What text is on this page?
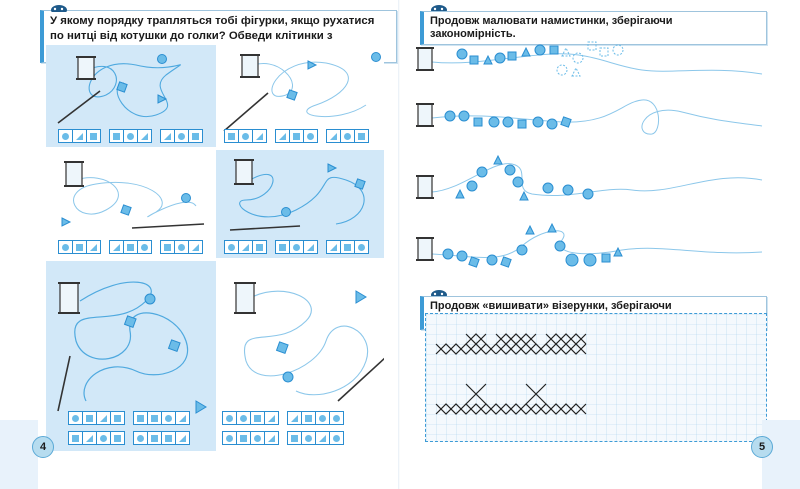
У якому порядку трапляться тобі фігурки, якщо рухатися по нитці від котушки до голки? Обведи клітинки з
4
Продовж малювати намистинки, зберігаючи закономірність.
Продовж «вишивати» візерунки, зберігаючи
5
